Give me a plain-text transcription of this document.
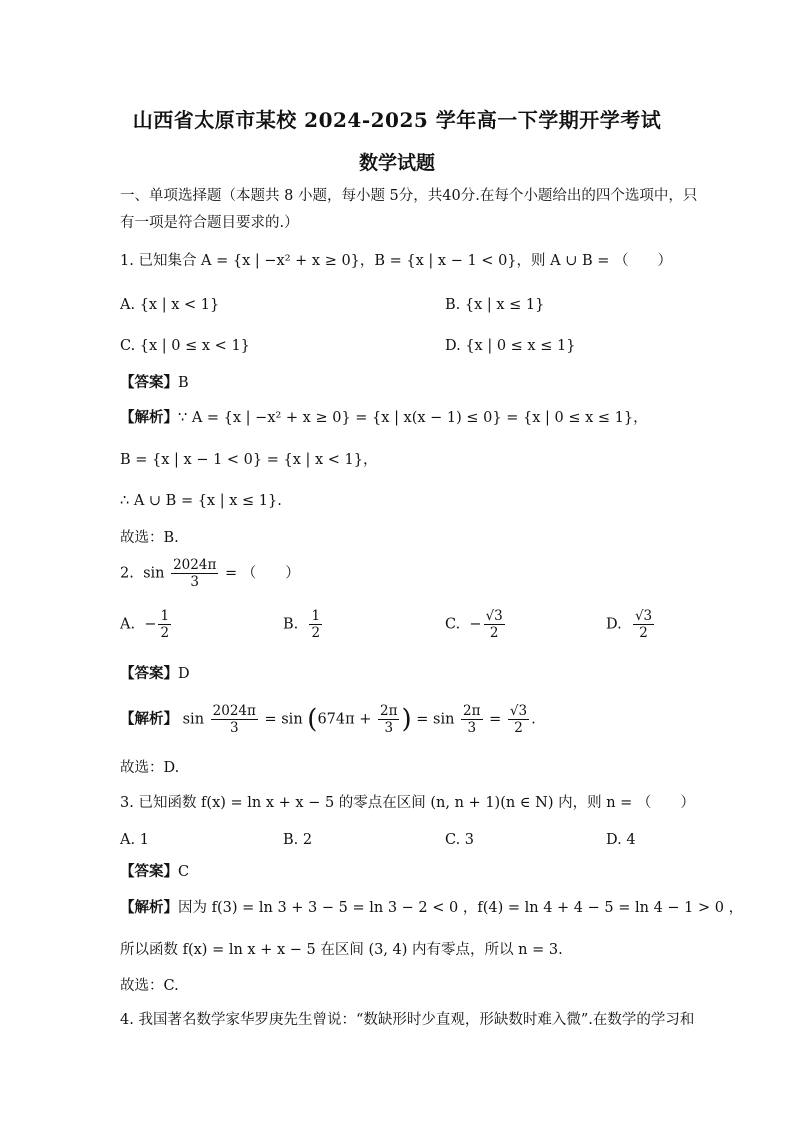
山西省太原市某校 2024-2025 学年高一下学期开学考试
数学试题
一、单项选择题（本题共 8 小题，每小题 5分，共40分.在每个小题给出的四个选项中，只
有一项是符合题目要求的.）
1. 已知集合 A = {x | −x² + x ≥ 0}，B = {x | x − 1 < 0}，则 A ∪ B = （　　）
A. {x | x < 1}	B. {x | x ≤ 1}
C. {x | 0 ≤ x < 1}	D. {x | 0 ≤ x ≤ 1}
【答案】B
【解析】∵ A = {x | −x² + x ≥ 0} = {x | x(x − 1) ≤ 0} = {x | 0 ≤ x ≤ 1}，
B = {x | x − 1 < 0} = {x | x < 1}，
∴ A ∪ B = {x | x ≤ 1}.
故选：B.
2. $\sin \frac{2024\pi}{3}$ = （　　）
A. − $\frac{1}{2}$	B. $\frac{1}{2}$	C. − $\frac{√3}{2}$	D. $\frac{√3}{2}$
【答案】D
【解析】 $\sin \frac{2024\pi}{3} = \sin (674\pi + \frac{2\pi}{3}$ ) = $\sin \frac{2\pi}{3} = \frac{√3}{2}$ .
故选：D.
3. 已知函数 f(x) = ln x + x − 5 的零点在区间 (n, n + 1)(n ∈ N) 内，则 n = （　　）
A. 1	B. 2	C. 3	D. 4
【答案】C
【解析】因为 f(3) = ln 3 + 3 − 5 = ln 3 − 2 < 0 ，f(4) = ln 4 + 4 − 5 = ln 4 − 1 > 0 ，
所以函数 f(x) = ln x + x − 5 在区间 (3, 4) 内有零点，所以 n = 3.
故选：C.
4. 我国著名数学家华罗庚先生曾说：“数缺形时少直观，形缺数时难入微”.在数学的学习和
